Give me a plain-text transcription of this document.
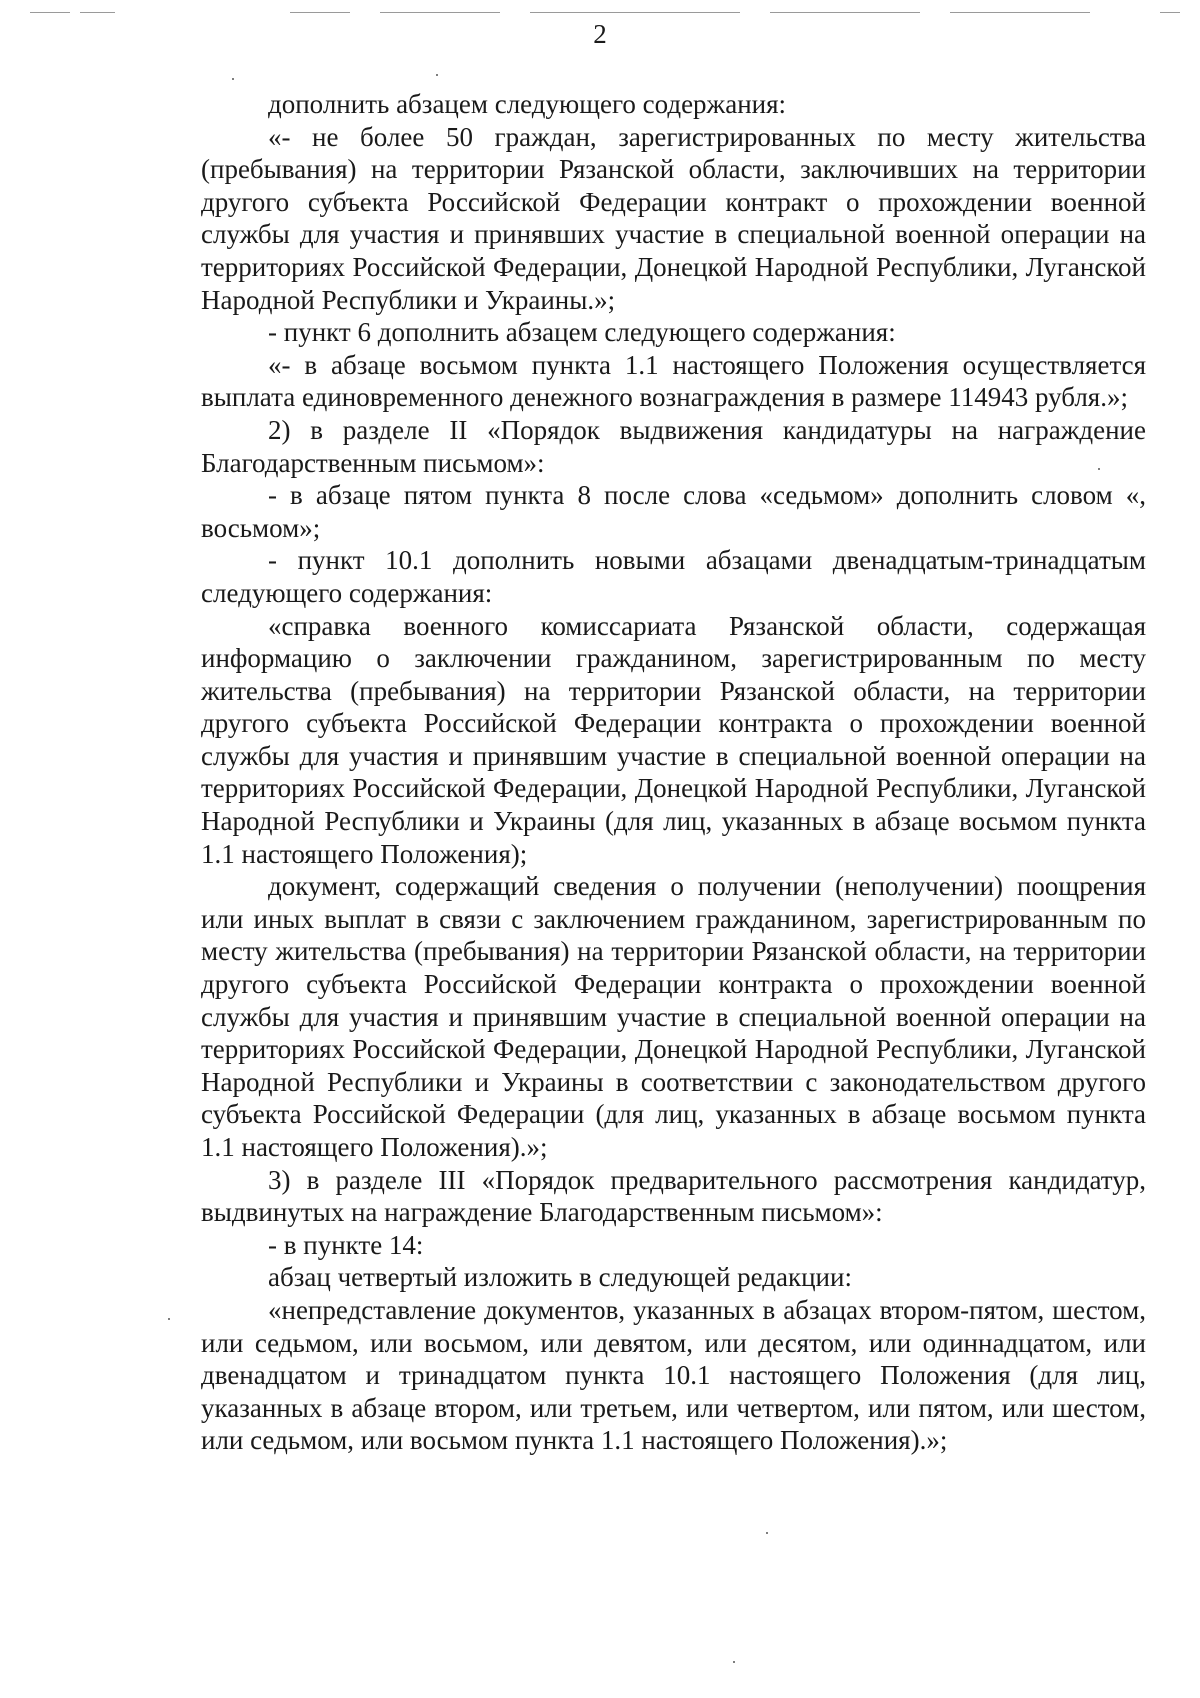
2

дополнить абзацем следующего содержания:

«- не более 50 граждан, зарегистрированных по месту жительства (пребывания) на территории Рязанской области, заключивших на территории другого субъекта Российской Федерации контракт о прохождении военной службы для участия и принявших участие в специальной военной операции на территориях Российской Федерации, Донецкой Народной Республики, Луганской Народной Республики и Украины.»;

- пункт 6 дополнить абзацем следующего содержания:

«- в абзаце восьмом пункта 1.1 настоящего Положения осуществляется выплата единовременного денежного вознаграждения в размере 114943 рубля.»;

2) в разделе II «Порядок выдвижения кандидатуры на награждение Благодарственным письмом»:

- в абзаце пятом пункта 8 после слова «седьмом» дополнить словом «, восьмом»;

- пункт 10.1 дополнить новыми абзацами двенадцатым-тринадцатым следующего содержания:

«справка военного комиссариата Рязанской области, содержащая информацию о заключении гражданином, зарегистрированным по месту жительства (пребывания) на территории Рязанской области, на территории другого субъекта Российской Федерации контракта о прохождении военной службы для участия и принявшим участие в специальной военной операции на территориях Российской Федерации, Донецкой Народной Республики, Луганской Народной Республики и Украины (для лиц, указанных в абзаце восьмом пункта 1.1 настоящего Положения);

документ, содержащий сведения о получении (неполучении) поощрения или иных выплат в связи с заключением гражданином, зарегистрированным по месту жительства (пребывания) на территории Рязанской области, на территории другого субъекта Российской Федерации контракта о прохождении военной службы для участия и принявшим участие в специальной военной операции на территориях Российской Федерации, Донецкой Народной Республики, Луганской Народной Республики и Украины в соответствии с законодательством другого субъекта Российской Федерации (для лиц, указанных в абзаце восьмом пункта 1.1 настоящего Положения).»;

3) в разделе III «Порядок предварительного рассмотрения кандидатур, выдвинутых на награждение Благодарственным письмом»:

- в пункте 14:

абзац четвертый изложить в следующей редакции:

«непредставление документов, указанных в абзацах втором-пятом, шестом, или седьмом, или восьмом, или девятом, или десятом, или одиннадцатом, или двенадцатом и тринадцатом пункта 10.1 настоящего Положения (для лиц, указанных в абзаце втором, или третьем, или четвертом, или пятом, или шестом, или седьмом, или восьмом пункта 1.1 настоящего Положения).»;
